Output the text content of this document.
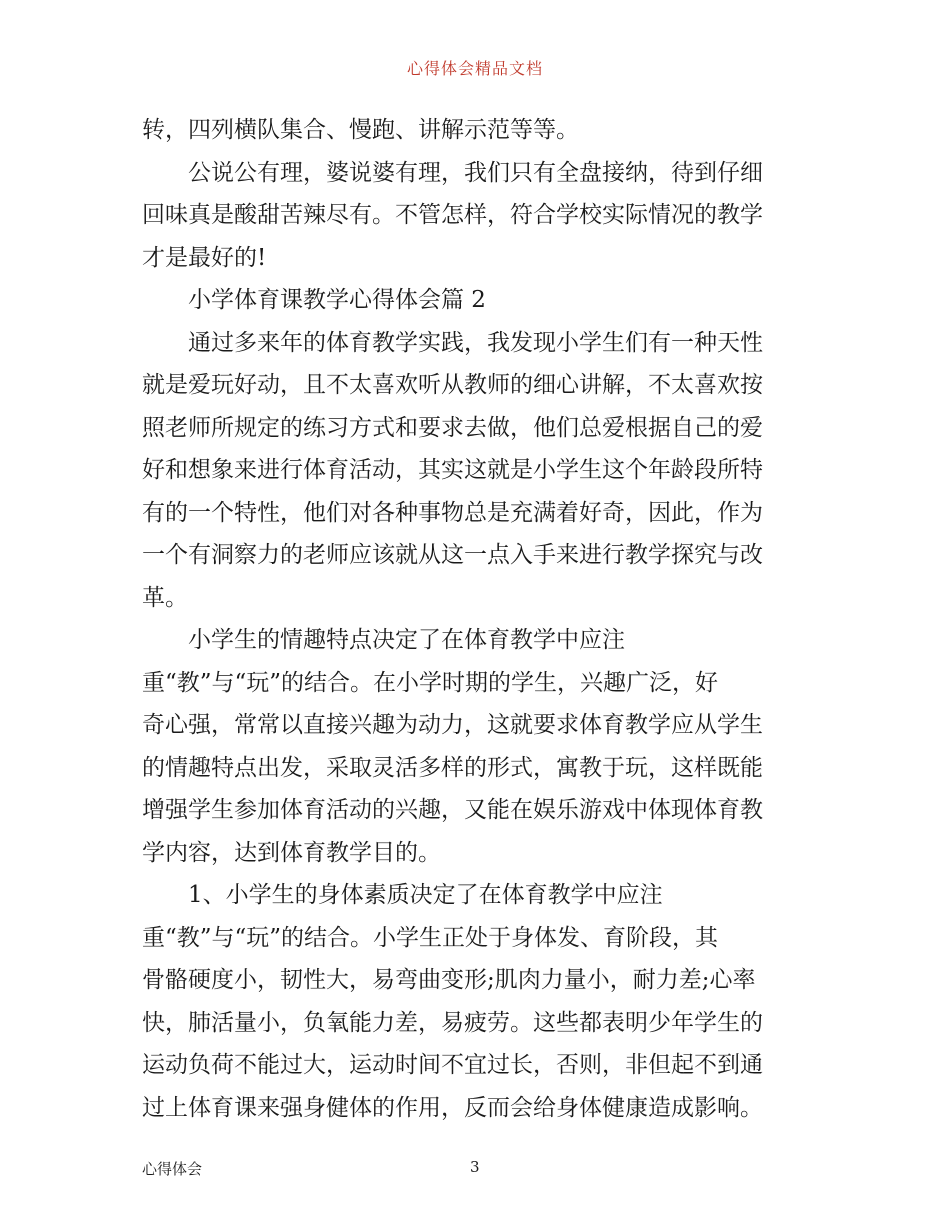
心得体会精品文档
转，四列横队集合、慢跑、讲解示范等等。
公说公有理，婆说婆有理，我们只有全盘接纳，待到仔细
回味真是酸甜苦辣尽有。不管怎样，符合学校实际情况的教学
才是最好的!
小学体育课教学心得体会篇 2
通过多来年的体育教学实践，我发现小学生们有一种天性
就是爱玩好动，且不太喜欢听从教师的细心讲解，不太喜欢按
照老师所规定的练习方式和要求去做，他们总爱根据自己的爱
好和想象来进行体育活动，其实这就是小学生这个年龄段所特
有的一个特性，他们对各种事物总是充满着好奇，因此，作为
一个有洞察力的老师应该就从这一点入手来进行教学探究与改
革。
小学生的情趣特点决定了在体育教学中应注
重“教”与“玩”的结合。在小学时期的学生，兴趣广泛，好
奇心强，常常以直接兴趣为动力，这就要求体育教学应从学生
的情趣特点出发，采取灵活多样的形式，寓教于玩，这样既能
增强学生参加体育活动的兴趣，又能在娱乐游戏中体现体育教
学内容，达到体育教学目的。
1、小学生的身体素质决定了在体育教学中应注
重“教”与“玩”的结合。小学生正处于身体发、育阶段，其
骨骼硬度小，韧性大，易弯曲变形;肌肉力量小，耐力差;心率
快，肺活量小，负氧能力差，易疲劳。这些都表明少年学生的
运动负荷不能过大，运动时间不宜过长，否则，非但起不到通
过上体育课来强身健体的作用，反而会给身体健康造成影响。
心得体会	3
